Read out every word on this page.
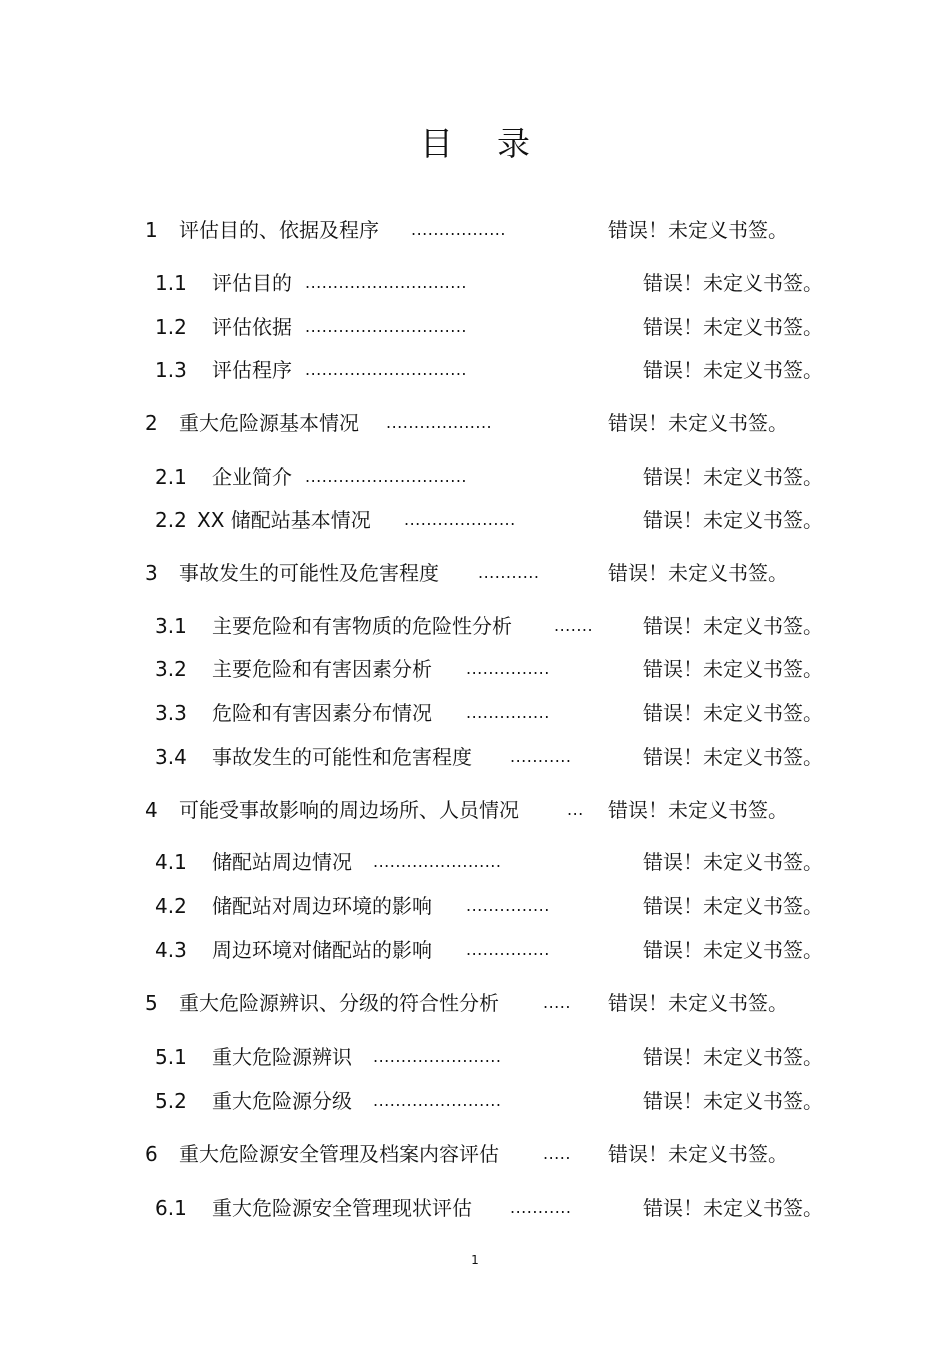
目 录
1 评估目的、依据及程序 .................	错误！未定义书签。
1.1 评估目的 .............................	错误！未定义书签。
1.2 评估依据 .............................	错误！未定义书签。
1.3 评估程序 .............................	错误！未定义书签。
2 重大危险源基本情况 ...................	错误！未定义书签。
2.1 企业简介 .............................	错误！未定义书签。
2.2 XX 储配站基本情况 ....................	错误！未定义书签。
3 事故发生的可能性及危害程度 ...........	错误！未定义书签。
3.1 主要危险和有害物质的危险性分析	....... 错误！未定义书签。
3.2 主要危险和有害因素分析 ...............	错误！未定义书签。
3.3 危险和有害因素分布情况 ...............	错误！未定义书签。
3.4 事故发生的可能性和危害程度 ...........	错误！未定义书签。
4 可能受事故影响的周边场所、人员情况	... 错误！未定义书签。
4.1 储配站周边情况 .......................	错误！未定义书签。
4.2 储配站对周边环境的影响 ...............	错误！未定义书签。
4.3 周边环境对储配站的影响 ...............	错误！未定义书签。
5 重大危险源辨识、分级的符合性分析	..... 错误！未定义书签。
5.1 重大危险源辨识 .......................	错误！未定义书签。
5.2 重大危险源分级 .......................	错误！未定义书签。
6 重大危险源安全管理及档案内容评估	..... 错误！未定义书签。
6.1 重大危险源安全管理现状评估 ...........	错误！未定义书签。
1
